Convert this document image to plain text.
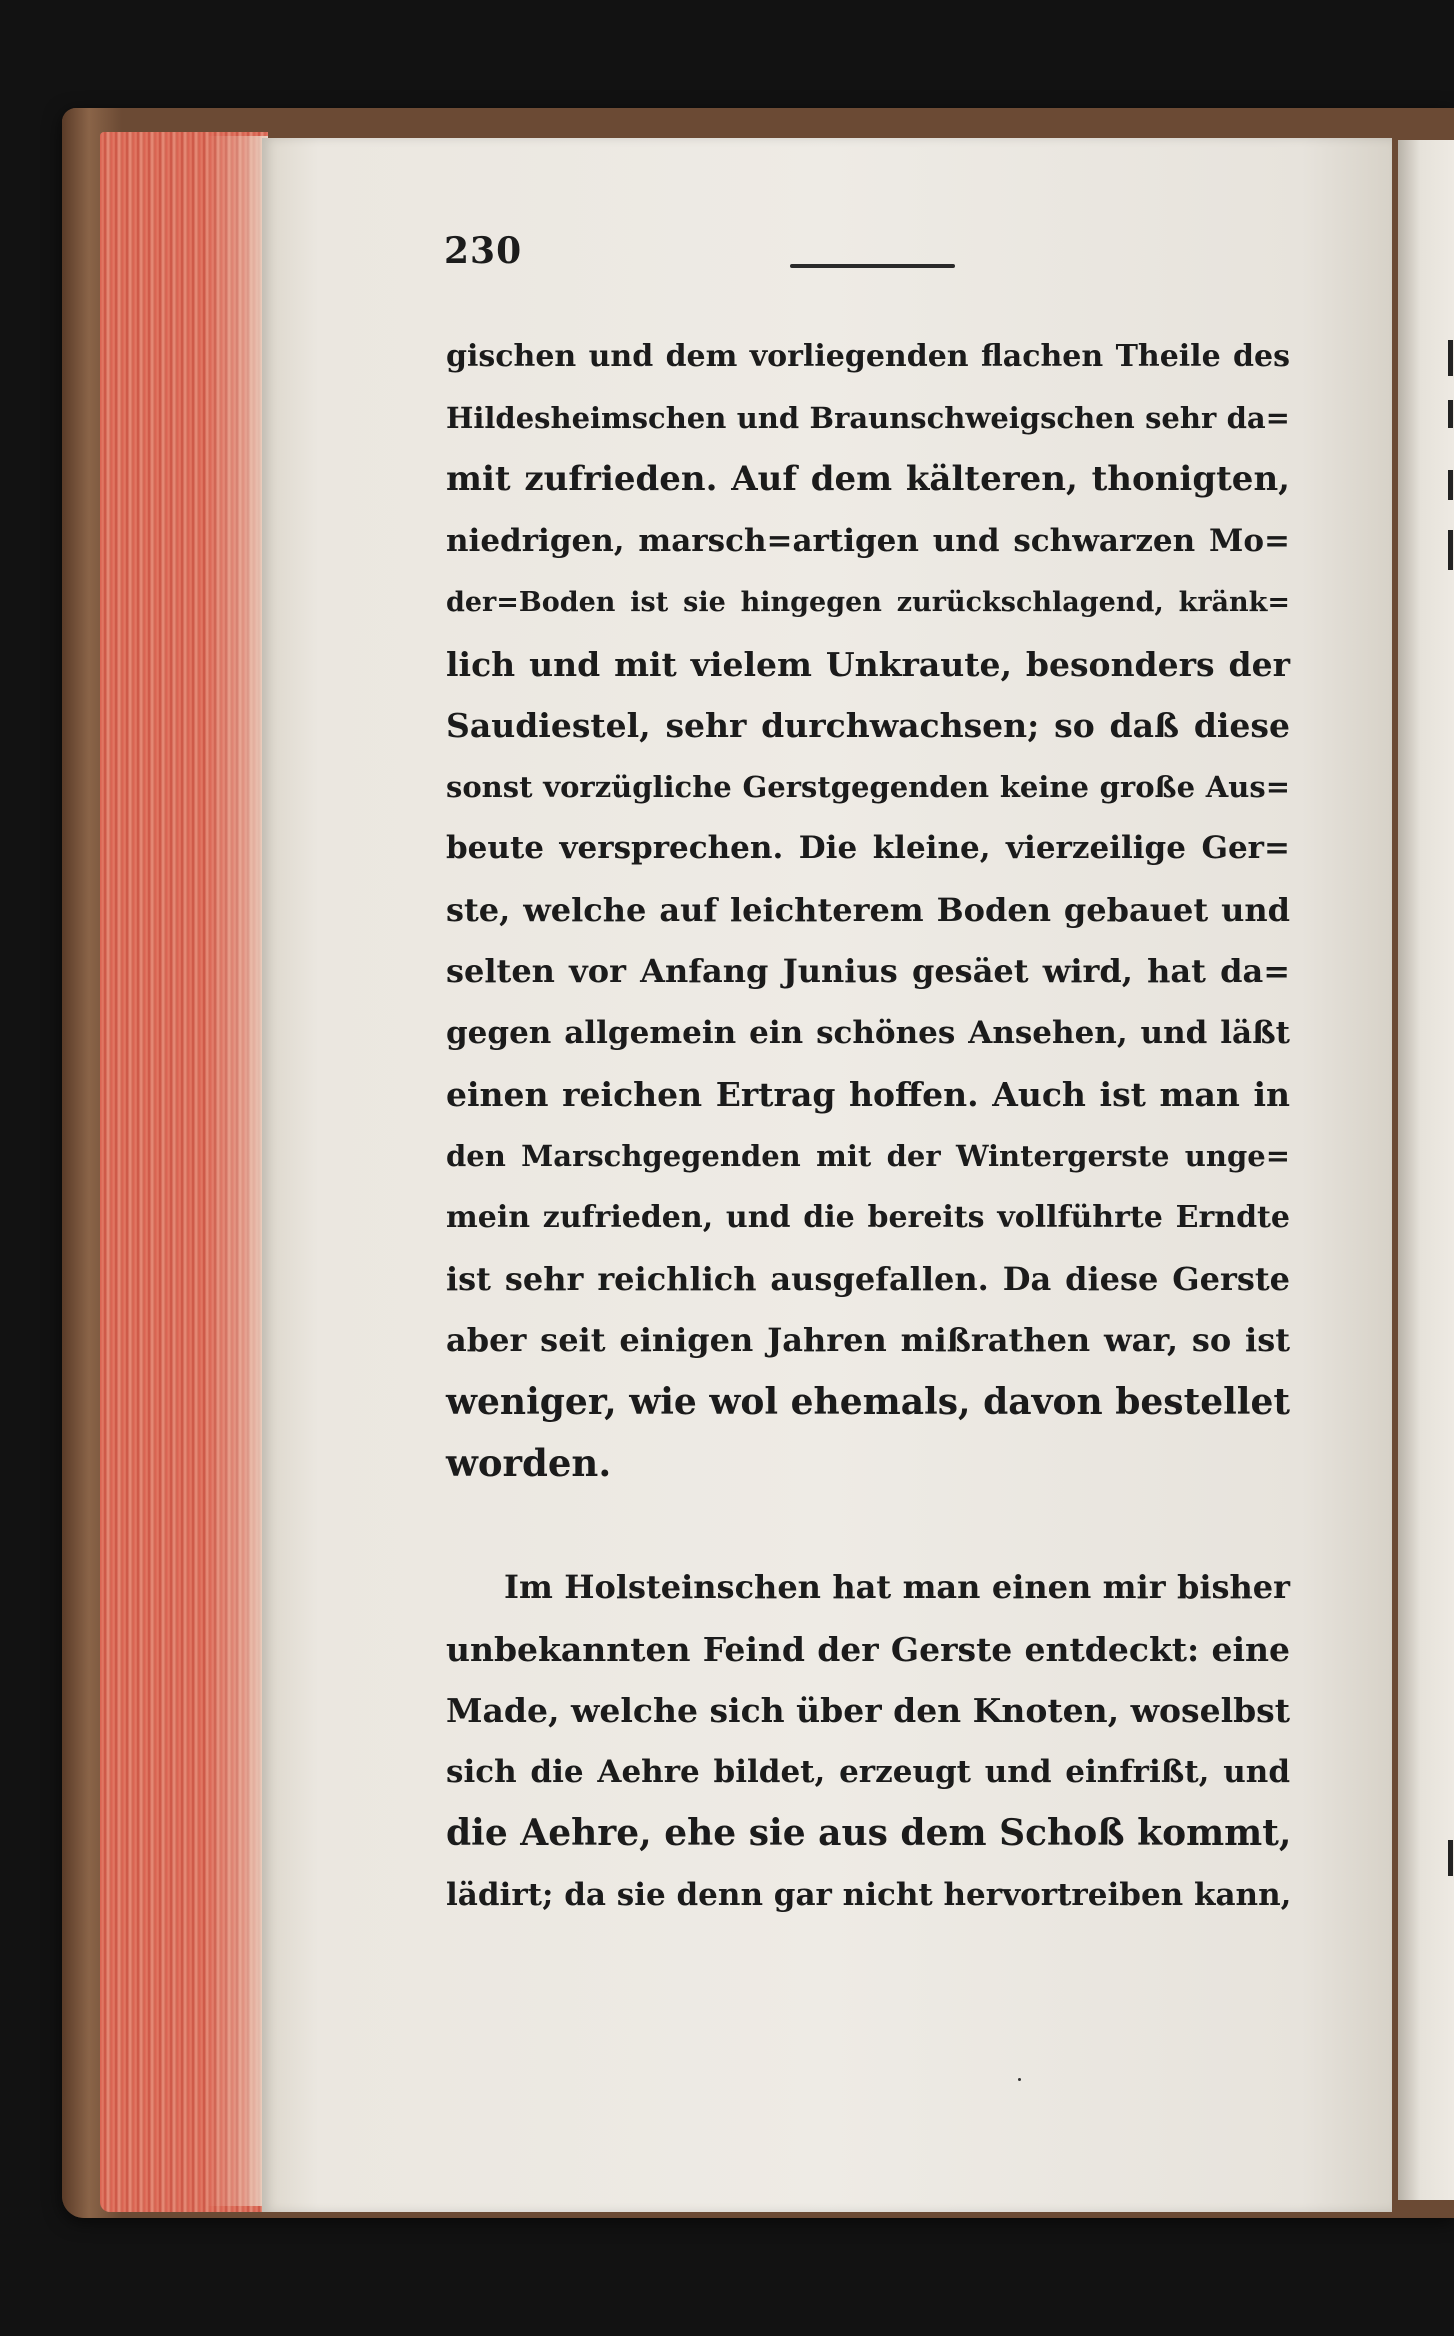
230
gischen und dem vorliegenden flachen Theile des
Hildesheimschen und Braunschweigschen sehr da=
mit zufrieden. Auf dem kälteren, thonigten,
niedrigen, marsch=artigen und schwarzen Mo=
der=Boden ist sie hingegen zurückschlagend, kränk=
lich und mit vielem Unkraute, besonders der
Saudiestel, sehr durchwachsen; so daß diese
sonst vorzügliche Gerstgegenden keine große Aus=
beute versprechen. Die kleine, vierzeilige Ger=
ste, welche auf leichterem Boden gebauet und
selten vor Anfang Junius gesäet wird, hat da=
gegen allgemein ein schönes Ansehen, und läßt
einen reichen Ertrag hoffen. Auch ist man in
den Marschgegenden mit der Wintergerste unge=
mein zufrieden, und die bereits vollführte Erndte
ist sehr reichlich ausgefallen. Da diese Gerste
aber seit einigen Jahren mißrathen war, so ist
weniger, wie wol ehemals, davon bestellet
worden.
Im Holsteinschen hat man einen mir bisher
unbekannten Feind der Gerste entdeckt: eine
Made, welche sich über den Knoten, woselbst
sich die Aehre bildet, erzeugt und einfrißt, und
die Aehre, ehe sie aus dem Schoß kommt,
lädirt; da sie denn gar nicht hervortreiben kann,
